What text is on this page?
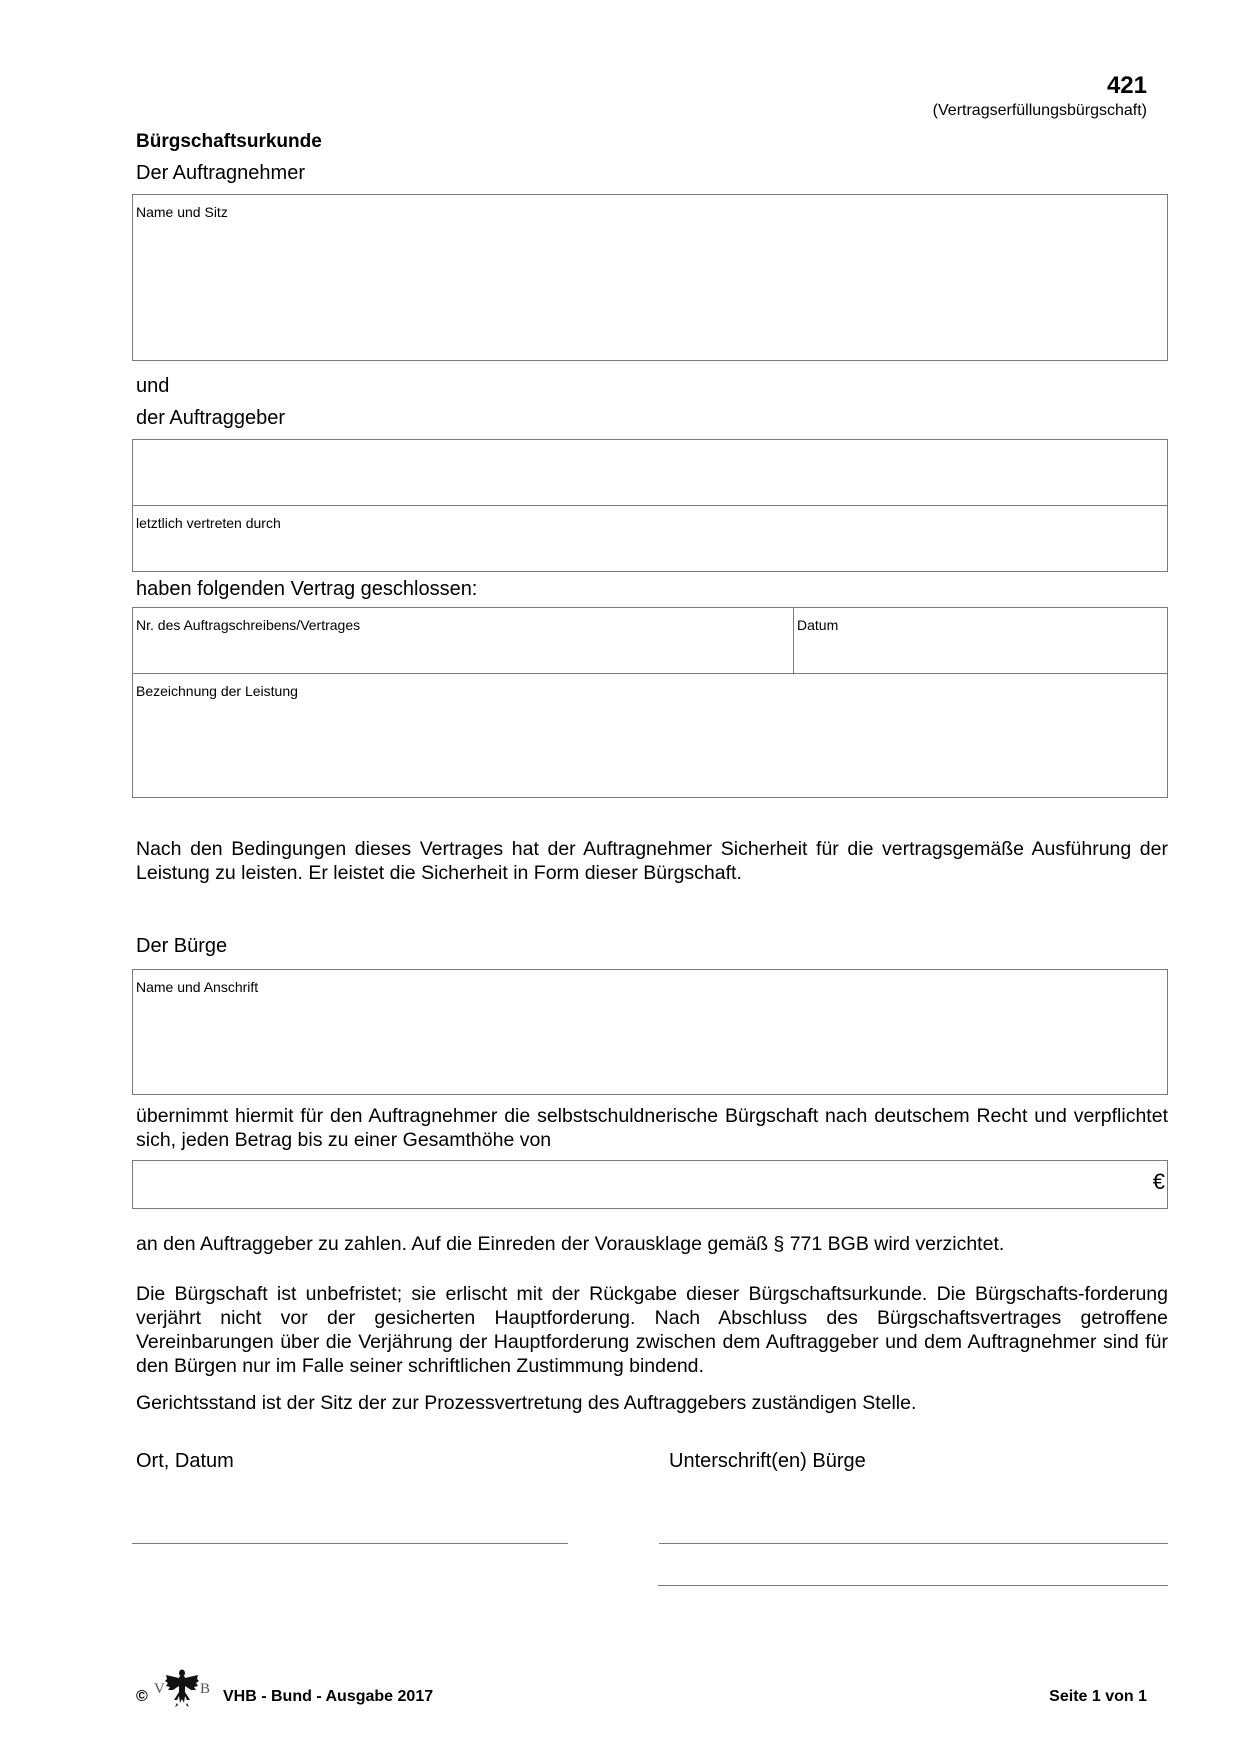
421
(Vertragserfüllungsbürgschaft)
Bürgschaftsurkunde
Der Auftragnehmer
Name und Sitz
und
der Auftraggeber
letztlich vertreten durch
haben folgenden Vertrag geschlossen:
Nr. des Auftragschreibens/Vertrages	Datum
Bezeichnung der Leistung
Nach den Bedingungen dieses Vertrages hat der Auftragnehmer Sicherheit für die vertragsgemäße Ausführung der Leistung zu leisten. Er leistet die Sicherheit in Form dieser Bürgschaft.
Der Bürge
Name und Anschrift
übernimmt hiermit für den Auftragnehmer die selbstschuldnerische Bürgschaft nach deutschem Recht und verpflichtet sich, jeden Betrag bis zu einer Gesamthöhe von
€
an den Auftraggeber zu zahlen. Auf die Einreden der Vorausklage gemäß § 771 BGB wird verzichtet.
Die Bürgschaft ist unbefristet; sie erlischt mit der Rückgabe dieser Bürgschaftsurkunde. Die Bürgschafts-forderung verjährt nicht vor der gesicherten Hauptforderung. Nach Abschluss des Bürgschaftsvertrages getroffene Vereinbarungen über die Verjährung der Hauptforderung zwischen dem Auftraggeber und dem Auftragnehmer sind für den Bürgen nur im Falle seiner schriftlichen Zustimmung bindend.
Gerichtsstand ist der Sitz der zur Prozessvertretung des Auftraggebers zuständigen Stelle.
Ort, Datum	Unterschrift(en) Bürge
© V B VHB - Bund - Ausgabe 2017	Seite 1 von 1
